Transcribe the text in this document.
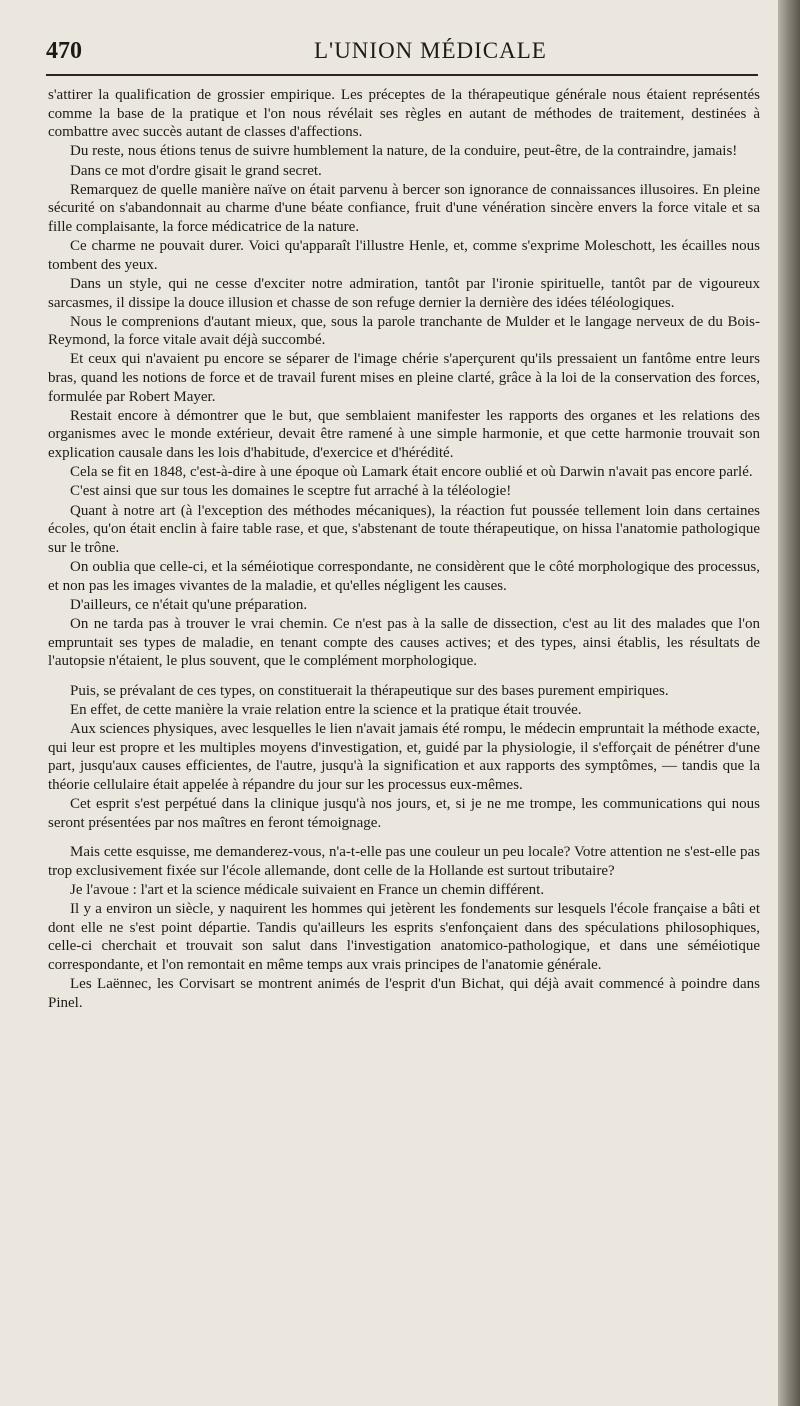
470	L'UNION MÉDICALE

s'attirer la qualification de grossier empirique. Les préceptes de la thérapeutique générale nous étaient représentés comme la base de la pratique et l'on nous révélait ses règles en autant de méthodes de traitement, destinées à combattre avec succès autant de classes d'affections.

Du reste, nous étions tenus de suivre humblement la nature, de la conduire, peut-être, de la contraindre, jamais!

Dans ce mot d'ordre gisait le grand secret.

Remarquez de quelle manière naïve on était parvenu à bercer son ignorance de connaissances illusoires. En pleine sécurité on s'abandonnait au charme d'une béate confiance, fruit d'une vénération sincère envers la force vitale et sa fille complaisante, la force médicatrice de la nature.

Ce charme ne pouvait durer. Voici qu'apparaît l'illustre Henle, et, comme s'exprime Moleschott, les écailles nous tombent des yeux.

Dans un style, qui ne cesse d'exciter notre admiration, tantôt par l'ironie spirituelle, tantôt par de vigoureux sarcasmes, il dissipe la douce illusion et chasse de son refuge dernier la dernière des idées téléologiques.

Nous le comprenions d'autant mieux, que, sous la parole tranchante de Mulder et le langage nerveux de du Bois-Reymond, la force vitale avait déjà succombé.

Et ceux qui n'avaient pu encore se séparer de l'image chérie s'aperçurent qu'ils pressaient un fantôme entre leurs bras, quand les notions de force et de travail furent mises en pleine clarté, grâce à la loi de la conservation des forces, formulée par Robert Mayer.

Restait encore à démontrer que le but, que semblaient manifester les rapports des organes et les relations des organismes avec le monde extérieur, devait être ramené à une simple harmonie, et que cette harmonie trouvait son explication causale dans les lois d'habitude, d'exercice et d'hérédité.

Cela se fit en 1848, c'est-à-dire à une époque où Lamark était encore oublié et où Darwin n'avait pas encore parlé.

C'est ainsi que sur tous les domaines le sceptre fut arraché à la téléologie!

Quant à notre art (à l'exception des méthodes mécaniques), la réaction fut poussée tellement loin dans certaines écoles, qu'on était enclin à faire table rase, et que, s'abstenant de toute thérapeutique, on hissa l'anatomie pathologique sur le trône.

On oublia que celle-ci, et la séméiotique correspondante, ne considèrent que le côté morphologique des processus, et non pas les images vivantes de la maladie, et qu'elles négligent les causes.

D'ailleurs, ce n'était qu'une préparation.

On ne tarda pas à trouver le vrai chemin. Ce n'est pas à la salle de dissection, c'est au lit des malades que l'on empruntait ses types de maladie, en tenant compte des causes actives; et des types, ainsi établis, les résultats de l'autopsie n'étaient, le plus souvent, que le complément morphologique.

Puis, se prévalant de ces types, on constituerait la thérapeutique sur des bases purement empiriques.

En effet, de cette manière la vraie relation entre la science et la pratique était trouvée.

Aux sciences physiques, avec lesquelles le lien n'avait jamais été rompu, le médecin empruntait la méthode exacte, qui leur est propre et les multiples moyens d'investigation, et, guidé par la physiologie, il s'efforçait de pénétrer d'une part, jusqu'aux causes efficientes, de l'autre, jusqu'à la signification et aux rapports des symptômes, — tandis que la théorie cellulaire était appelée à répandre du jour sur les processus eux-mêmes.

Cet esprit s'est perpétué dans la clinique jusqu'à nos jours, et, si je ne me trompe, les communications qui nous seront présentées par nos maîtres en feront témoignage.

Mais cette esquisse, me demanderez-vous, n'a-t-elle pas une couleur un peu locale? Votre attention ne s'est-elle pas trop exclusivement fixée sur l'école allemande, dont celle de la Hollande est surtout tributaire?

Je l'avoue : l'art et la science médicale suivaient en France un chemin différent.

Il y a environ un siècle, y naquirent les hommes qui jetèrent les fondements sur lesquels l'école française a bâti et dont elle ne s'est point départie. Tandis qu'ailleurs les esprits s'enfonçaient dans des spéculations philosophiques, celle-ci cherchait et trouvait son salut dans l'investigation anatomico-pathologique, et dans une séméiotique correspondante, et l'on remontait en même temps aux vrais principes de l'anatomie générale.

Les Laënnec, les Corvisart se montrent animés de l'esprit d'un Bichat, qui déjà avait commencé à poindre dans Pinel.
